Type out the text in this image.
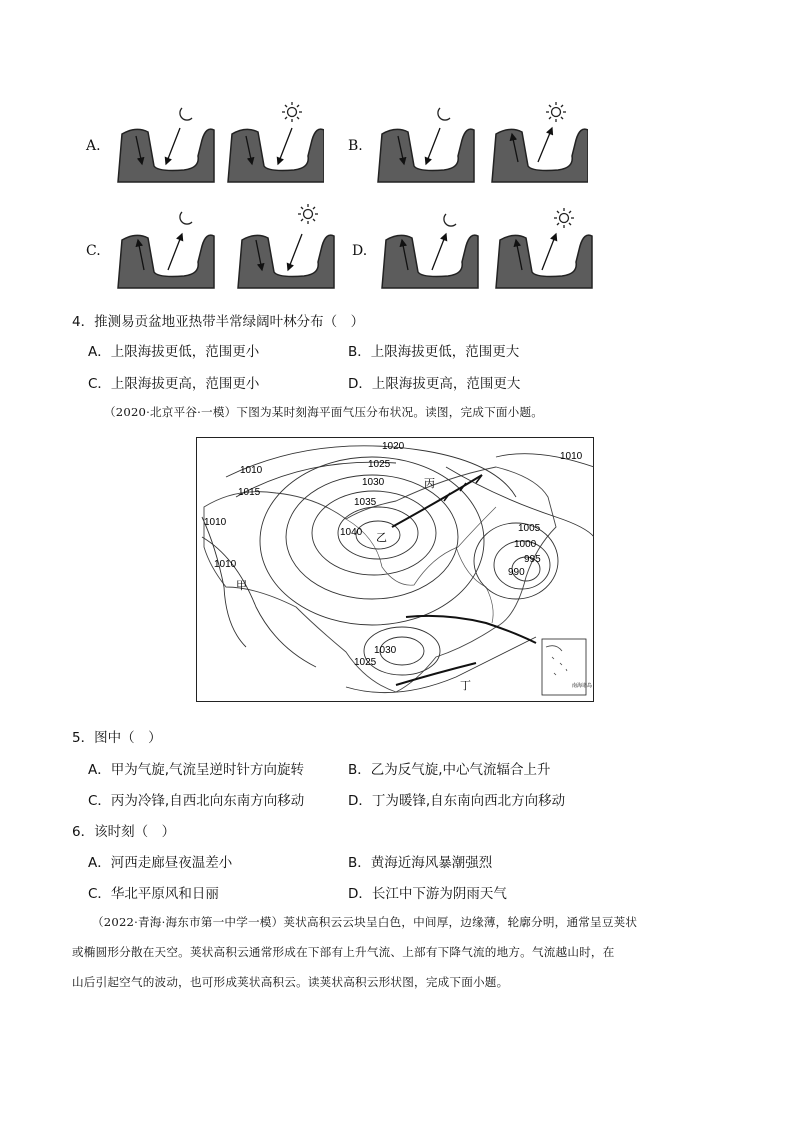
A.	B.
C.	D.
4．推测易贡盆地亚热带半常绿阔叶林分布（　）
A．上限海拔更低，范围更小	B．上限海拔更低，范围更大
C．上限海拔更高，范围更小	D．上限海拔更高，范围更大
（2020·北京平谷·一模）下图为某时刻海平面气压分布状况。读图，完成下面小题。
1020
1025
1030
1035
1040
1010
1015
1010
1010
1010
1005
1000
995
990
1030
1025
甲
乙
丙
丁	南海诸岛
5．图中（　）
A．甲为气旋,气流呈逆时针方向旋转	B．乙为反气旋,中心气流辐合上升
C．丙为冷锋,自西北向东南方向移动	D．丁为暖锋,自东南向西北方向移动
6．该时刻（　）
A．河西走廊昼夜温差小	B．黄海近海风暴潮强烈
C．华北平原风和日丽	D．长江中下游为阴雨天气
（2022·青海·海东市第一中学一模）荚状高积云云块呈白色，中间厚，边缘薄，轮廓分明，通常呈豆荚状
或椭圆形分散在天空。荚状高积云通常形成在下部有上升气流、上部有下降气流的地方。气流越山时，在
山后引起空气的波动，也可形成荚状高积云。读荚状高积云形状图，完成下面小题。
